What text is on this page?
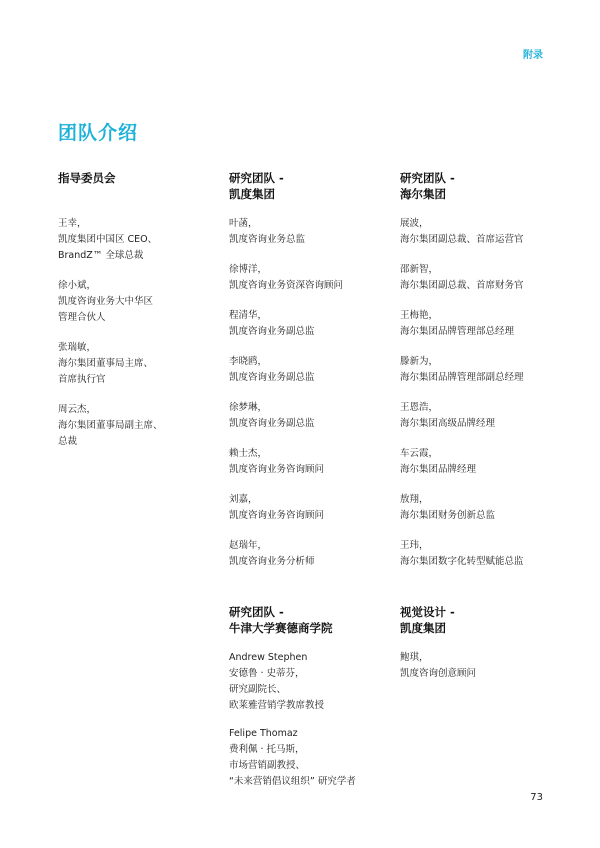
附录
团队介绍
指导委员会
王幸，
凯度集团中国区 CEO、
BrandZ™ 全球总裁
徐小斌，
凯度咨询业务大中华区
管理合伙人
张瑞敏，
海尔集团董事局主席、
首席执行官
周云杰，
海尔集团董事局副主席、
总裁
研究团队 -
凯度集团
叶菡，
凯度咨询业务总监
徐博洋，
凯度咨询业务资深咨询顾问
程清华，
凯度咨询业务副总监
李晓鸥，
凯度咨询业务副总监
徐梦琳，
凯度咨询业务副总监
赖士杰，
凯度咨询业务咨询顾问
刘嘉，
凯度咨询业务咨询顾问
赵瑞年，
凯度咨询业务分析师
研究团队 -
海尔集团
展波，
海尔集团副总裁、首席运营官
邵新智，
海尔集团副总裁、首席财务官
王梅艳，
海尔集团品牌管理部总经理
滕新为，
海尔集团品牌管理部副总经理
王恩浩，
海尔集团高级品牌经理
车云霞，
海尔集团品牌经理
敖翔，
海尔集团财务创新总监
王玮，
海尔集团数字化转型赋能总监
研究团队 -
牛津大学赛德商学院
Andrew Stephen
安德鲁 · 史蒂芬，
研究副院长、
欧莱雅营销学教席教授
Felipe Thomaz
费利佩 · 托马斯，
市场营销副教授、
“未来营销倡议组织” 研究学者
视觉设计 -
凯度集团
鲍琪，
凯度咨询创意顾问
73
